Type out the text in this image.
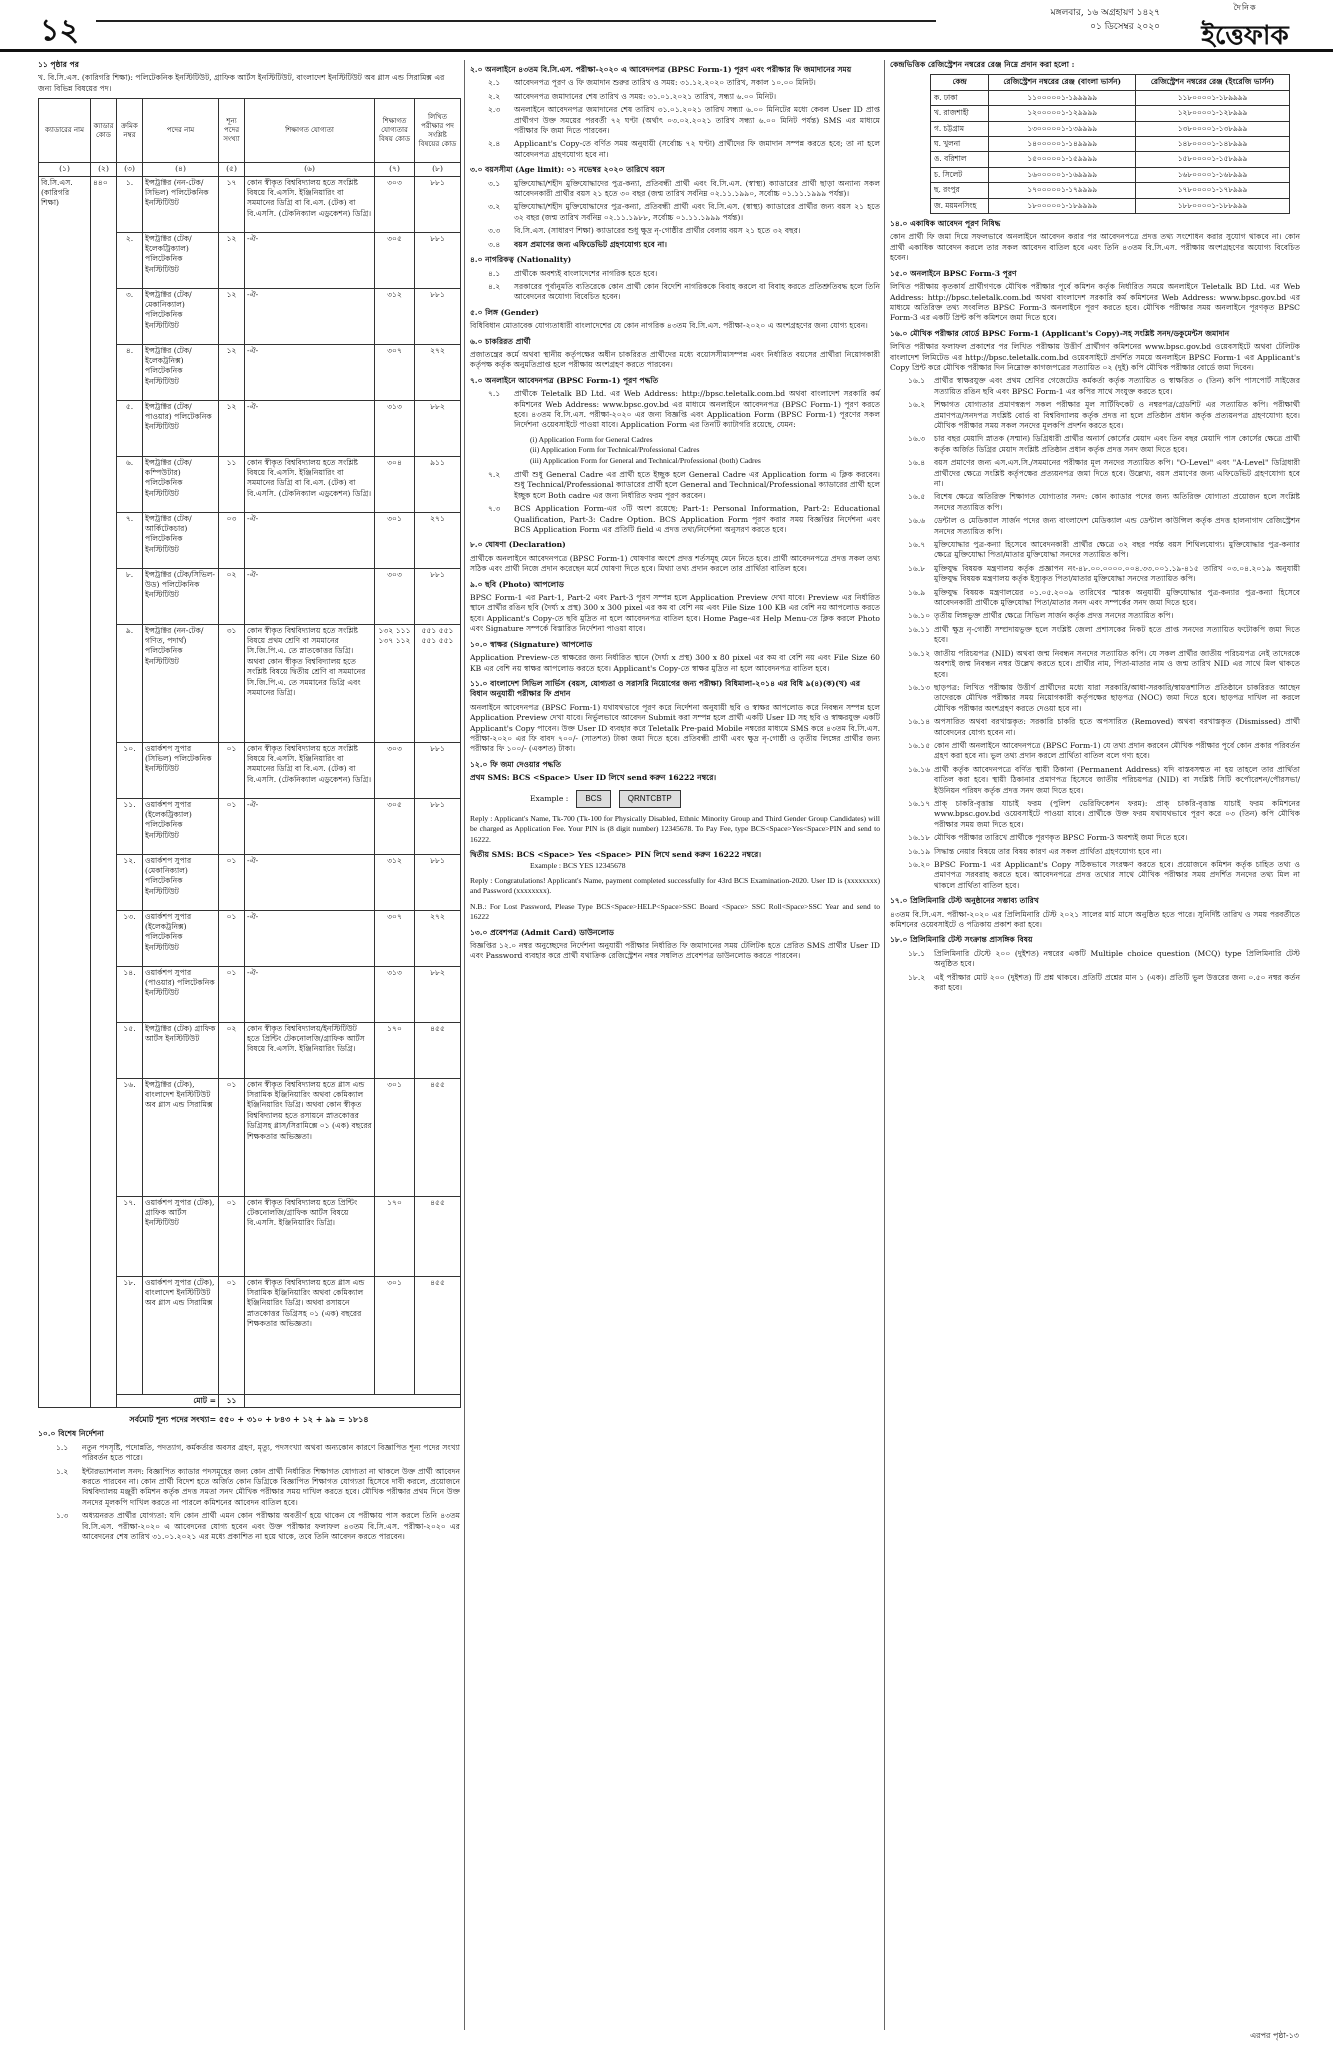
১২	মঙ্গলবার, ১৬ অগ্রহায়ণ ১৪২৭
০১ ডিসেম্বর ২০২০
দৈনিক
ইত্তেফাক
১১ পৃষ্ঠার পর
খ. বি.সি.এস. (কারিগরি শিক্ষা): পলিটেকনিক ইনস্টিটিউট, গ্রাফিক আর্টস ইনস্টিটিউট, বাংলাদেশ ইনস্টিটিউট অব গ্লাস এন্ড সিরামিক্স এর জন্য বিভিন্ন বিষয়ের পদ।
ক্যাডারের নাম	ক্যাডার কোড	ক্রমিক নম্বর	পদের নাম	শূন্য পদের সংখ্যা	শিক্ষাগত যোগ্যতা	শিক্ষাগত যোগ্যতার বিষয় কোড	লিখিত পরীক্ষার পদ সংশ্লিষ্ট বিষয়ের কোড
(১)	(২)	(৩)	(৪)	(৫)	(৬)	(৭)	(৮)
বি.সি.এস. (কারিগরি শিক্ষা)	৪৪০	১.	ইন্সট্রাক্টর (নন-টেক/সিভিল) পলিটেকনিক ইনস্টিটিউট	১৭	কোন স্বীকৃত বিশ্ববিদ্যালয় হতে সংশ্লিষ্ট বিষয়ে বি.এসসি. ইঞ্জিনিয়ারিং বা সমমানের ডিগ্রি বা বি.এস. (টেক) বা বি.এসসি. (টেকনিক্যাল এডুকেশন) ডিগ্রি।	৩০৩	৮৮১
		২.	ইন্সট্রাক্টর (টেক/ইলেকট্রিক্যাল) পলিটেকনিক ইনস্টিটিউট	১২	-ঐ-	৩০৫	৮৮১
		৩.	ইন্সট্রাক্টর (টেক/মেকানিক্যাল) পলিটেকনিক ইনস্টিটিউট	১২	-ঐ-	৩১২	৮৮১
		৪.	ইন্সট্রাক্টর (টেক/ইলেকট্রনিক্স) পলিটেকনিক ইনস্টিটিউট	১২	-ঐ-	৩০৭	২৭২
		৫.	ইন্সট্রাক্টর (টেক/পাওয়ার) পলিটেকনিক ইনস্টিটিউট	১২	-ঐ-	৩১৩	৮৮২
		৬.	ইন্সট্রাক্টর (টেক/কম্পিউটার) পলিটেকনিক ইনস্টিটিউট	১১	কোন স্বীকৃত বিশ্ববিদ্যালয় হতে সংশ্লিষ্ট বিষয়ে বি.এসসি. ইঞ্জিনিয়ারিং বা সমমানের ডিগ্রি বা বি.এস. (টেক) বা বি.এসসি. (টেকনিক্যাল এডুকেশন) ডিগ্রি।	৩০৪	৯১১
		৭.	ইন্সট্রাক্টর (টেক/আর্কিটেকচার) পলিটেকনিক ইনস্টিটিউট	০৩	-ঐ-	৩০১	২৭১
		৮.	ইন্সট্রাক্টর (টেক/সিভিল-উড) পলিটেকনিক ইনস্টিটিউট	০২	-ঐ-	৩০৩	৮৮১
		৯.	ইন্সট্রাক্টর (নন-টেক/গণিত, পদার্থ) পলিটেকনিক ইনস্টিটিউট	৩১	কোন স্বীকৃত বিশ্ববিদ্যালয় হতে সংশ্লিষ্ট বিষয়ে প্রথম শ্রেণি বা সমমানের সি.জি.পি.এ. তে স্নাতকোত্তর ডিগ্রি। অথবা কোন স্বীকৃত বিশ্ববিদ্যালয় হতে সংশ্লিষ্ট বিষয়ে দ্বিতীয় শ্রেণি বা সমমানের সি.জি.পি.এ. তে সমমানের ডিগ্রি এবং সমমানের ডিগ্রি।	১৩২ ১১১ ১৩৭ ১১২	৫৫১ ৫৫১ ৫৫১ ৫৫১
		১০.	ওয়ার্কশপ সুপার (সিভিল) পলিটেকনিক ইনস্টিটিউট	০১	কোন স্বীকৃত বিশ্ববিদ্যালয় হতে সংশ্লিষ্ট বিষয়ে বি.এসসি. ইঞ্জিনিয়ারিং বা সমমানের ডিগ্রি বা বি.এস. (টেক) বা বি.এসসি. (টেকনিক্যাল এডুকেশন) ডিগ্রি।	৩০৩	৮৮১
		১১.	ওয়ার্কশপ সুপার (ইলেকট্রিক্যাল) পলিটেকনিক ইনস্টিটিউট	০১	-ঐ-	৩০৫	৮৮১
		১২.	ওয়ার্কশপ সুপার (মেকানিক্যাল) পলিটেকনিক ইনস্টিটিউট	০১	-ঐ-	৩১২	৮৮১
		১৩.	ওয়ার্কশপ সুপার (ইলেকট্রনিক্স) পলিটেকনিক ইনস্টিটিউট	০১	-ঐ-	৩০৭	২৭২
		১৪.	ওয়ার্কশপ সুপার (পাওয়ার) পলিটেকনিক ইনস্টিটিউট	০১	-ঐ-	৩১৩	৮৮২
		১৫.	ইন্সট্রাক্টর (টেক) গ্রাফিক আর্টস ইনস্টিটিউট	০২	কোন স্বীকৃত বিশ্ববিদ্যালয়/ইনস্টিটিউট হতে প্রিন্টিং টেকনোলজি/গ্রাফিক আর্টস বিষয়ে বি.এসসি. ইঞ্জিনিয়ারিং ডিগ্রি।	১৭০	৪৫৫
		১৬.	ইন্সট্রাক্টর (টেক), বাংলাদেশ ইনস্টিটিউট অব গ্লাস এন্ড সিরামিক্স	০১	কোন স্বীকৃত বিশ্ববিদ্যালয় হতে গ্লাস এন্ড সিরামিক ইঞ্জিনিয়ারিং অথবা কেমিক্যাল ইঞ্জিনিয়ারিং ডিগ্রি। অথবা কোন স্বীকৃত বিশ্ববিদ্যালয় হতে রসায়নে স্নাতকোত্তর ডিগ্রিসহ গ্লাস/সিরামিক্সে ০১ (এক) বছরের শিক্ষকতার অভিজ্ঞতা।	৩০১	৪৫৫
		১৭.	ওয়ার্কশপ সুপার (টেক), গ্রাফিক আর্টস ইনস্টিটিউট	০১	কোন স্বীকৃত বিশ্ববিদ্যালয় হতে প্রিন্টিং টেকনোলজি/গ্রাফিক আর্টস বিষয়ে বি.এসসি. ইঞ্জিনিয়ারিং ডিগ্রি।	১৭০	৪৫৫
		১৮.	ওয়ার্কশপ সুপার (টেক), বাংলাদেশ ইনস্টিটিউট অব গ্লাস এন্ড সিরামিক্স	০১	কোন স্বীকৃত বিশ্ববিদ্যালয় হতে গ্লাস এন্ড সিরামিক ইঞ্জিনিয়ারিং অথবা কেমিক্যাল ইঞ্জিনিয়ারিং ডিগ্রি। অথবা রসায়নে স্নাতকোত্তর ডিগ্রিসহ ০১ (এক) বছরের শিক্ষকতার অভিজ্ঞতা।	৩০১	৪৫৫
		মোট =		১১			
সর্বমোট শূন্য পদের সংখ্যা= ৫৫০ + ৩১০ + ৮৪৩ + ১২ + ৯৯ = ১৮১৪
১০.০ বিশেষ নির্দেশনা
১.১	নতুন পদসৃষ্টি, পদোন্নতি, পদত্যাগ, কর্মকর্তার অবসর গ্রহণ, মৃত্যু, পদসংখ্যা অথবা অন্যকোন কারণে বিজ্ঞাপিত শূন্য পদের সংখ্যা পরিবর্তন হতে পারে।
১.২	ইন্টারভ্যাশনাল সনদ: বিজ্ঞাপিত ক্যাডার পদসমূহের জন্য কোন প্রার্থী নির্ধারিত শিক্ষাগত যোগ্যতা না থাকলে উক্ত প্রার্থী আবেদন করতে পারবেন না। কোন প্রার্থী বিদেশ হতে অর্জিত কোন ডিগ্রিকে বিজ্ঞাপিত শিক্ষাগত যোগ্যতা হিসেবে দাবী করলে, প্রয়োজনে বিশ্ববিদ্যালয় মঞ্জুরী কমিশন কর্তৃক প্রদত্ত সমতা সনদ মৌখিক পরীক্ষার সময় দাখিল করতে হবে। মৌখিক পরীক্ষার প্রথম দিনে উক্ত সনদের মূলকপি দাখিল করতে না পারলে কমিশনের আবেদন বাতিল হবে।
১.৩	অধ্যয়নরত প্রার্থীর যোগ্যতা: যদি কোন প্রার্থী এমন কোন পরীক্ষায় অবতীর্ণ হয়ে থাকেন যে পরীক্ষায় পাস করলে তিনি ৪৩তম বি.সি.এস. পরীক্ষা-২০২০ এ আবেদনের যোগ্য হবেন এবং উক্ত পরীক্ষার ফলাফল ৪৩তম বি.সি.এস. পরীক্ষা-২০২০ এর আবেদনের শেষ তারিখ ৩১.০১.২০২১ এর মধ্যে প্রকাশিত না হয়ে থাকে, তবে তিনি আবেদন করতে পারবেন।
২.০ অনলাইনে ৪৩তম বি.সি.এস. পরীক্ষা-২০২০ এ আবেদনপত্র (BPSC Form-1) পূরণ এবং পরীক্ষার ফি জমাদানের সময়
২.১	আবেদনপত্র পূরণ ও ফি জমাদান শুরুর তারিখ ও সময়: ৩১.১২.২০২০ তারিখ, সকাল ১০.০০ মিনিট।
২.২	আবেদনপত্র জমাদানের শেষ তারিখ ও সময়: ৩১.০১.২০২১ তারিখ, সন্ধ্যা ৬.০০ মিনিট।
২.৩	অনলাইনে আবেদনপত্র জমাদানের শেষ তারিখ ৩১.০১.২০২১ তারিখ সন্ধ্যা ৬.০০ মিনিটের মধ্যে কেবল User ID প্রাপ্ত প্রার্থীগণ উক্ত সময়ের পরবর্তী ৭২ ঘণ্টা (অর্থাৎ ০৩.০২.২০২১ তারিখ সন্ধ্যা ৬.০০ মিনিট পর্যন্ত) SMS এর মাধ্যমে পরীক্ষার ফি জমা দিতে পারবেন।
২.৪	Applicant's Copy-তে বর্ণিত সময় অনুযায়ী (সর্বোচ্চ ৭২ ঘণ্টা) প্রার্থীদের ফি জমাদান সম্পন্ন করতে হবে; তা না হলে আবেদনপত্র গ্রহণযোগ্য হবে না।
৩.০ বয়সসীমা (Age limit): ০১ নভেম্বর ২০২০ তারিখে বয়স
৩.১	মুক্তিযোদ্ধা/শহীদ মুক্তিযোদ্ধাদের পুত্র-কন্যা, প্রতিবন্ধী প্রার্থী এবং বি.সি.এস. (স্বাস্থ্য) ক্যাডারের প্রার্থী ছাড়া অন্যান্য সকল আবেদনকারী প্রার্থীর বয়স ২১ হতে ৩০ বছর (জন্ম তারিখ সর্বনিম্ন ০২.১১.১৯৯০, সর্বোচ্চ ০১.১১.১৯৯৯ পর্যন্ত)।
৩.২	মুক্তিযোদ্ধা/শহীদ মুক্তিযোদ্ধাদের পুত্র-কন্যা, প্রতিবন্ধী প্রার্থী এবং বি.সি.এস. (স্বাস্থ্য) ক্যাডারের প্রার্থীর জন্য বয়স ২১ হতে ৩২ বছর (জন্ম তারিখ সর্বনিম্ন ০২.১১.১৯৮৮, সর্বোচ্চ ০১.১১.১৯৯৯ পর্যন্ত)।
৩.৩	বি.সি.এস. (সাধারণ শিক্ষা) ক্যাডারের শুধু ক্ষুদ্র নৃ-গোষ্ঠীর প্রার্থীর বেলায় বয়স ২১ হতে ৩২ বছর।
৩.৪	বয়স প্রমাণের জন্য এফিডেভিট গ্রহণযোগ্য হবে না।
৪.০ নাগরিকত্ব (Nationality)
৪.১	প্রার্থীকে অবশ্যই বাংলাদেশের নাগরিক হতে হবে।
৪.২	সরকারের পূর্বানুমতি ব্যতিরেকে কোন প্রার্থী কোন বিদেশি নাগরিককে বিবাহ করলে বা বিবাহ করতে প্রতিশ্রুতিবদ্ধ হলে তিনি আবেদনের অযোগ্য বিবেচিত হবেন।
৫.০ লিঙ্গ (Gender)
বিধিবিধান মোতাবেক যোগ্যতাধারী বাংলাদেশের যে কোন নাগরিক ৪৩তম বি.সি.এস. পরীক্ষা-২০২০ এ অংশগ্রহণের জন্য যোগ্য হবেন।
৬.০ চাকরিরত প্রার্থী
প্রজাতন্ত্রের কর্মে অথবা স্থানীয় কর্তৃপক্ষের অধীন চাকরিরত প্রার্থীদের মধ্যে বয়োসসীমাসম্পন্ন এবং নির্ধারিত বয়সের প্রার্থীরা নিয়োগকারী কর্তৃপক্ষ কর্তৃক অনুমতিপ্রাপ্ত হলে পরীক্ষায় অংশগ্রহণ করতে পারবেন।
৭.০ অনলাইনে আবেদনপত্র (BPSC Form-1) পূরণ পদ্ধতি
৭.১	প্রার্থীকে Teletalk BD Ltd. এর Web Address: http://bpsc.teletalk.com.bd অথবা বাংলাদেশ সরকারি কর্ম কমিশনের Web Address: www.bpsc.gov.bd এর মাধ্যমে অনলাইনে আবেদনপত্র (BPSC Form-1) পূরণ করতে হবে। ৪৩তম বি.সি.এস. পরীক্ষা-২০২০ এর জন্য বিজ্ঞপ্তি এবং Application Form (BPSC Form-1) পূরণের সকল নির্দেশনা ওয়েবসাইটে পাওয়া যাবে। Application Form এর তিনটি ক্যাটাগরি রয়েছে, যেমন:
(i) Application Form for General Cadres
(ii) Application Form for Technical/Professional Cadres
(iii) Application Form for General and Technical/Professional (both) Cadres
৭.২	প্রার্থী শুধু General Cadre এর প্রার্থী হতে ইচ্ছুক হলে General Cadre এর Application form এ ক্লিক করবেন। শুধু Technical/Professional ক্যাডারের প্রার্থী হলে General and Technical/Professional ক্যাডারের প্রার্থী হলে ইচ্ছুক হলে Both cadre এর জন্য নির্ধারিত ফরম পূরণ করবেন।
৭.৩	BCS Application Form-এর ৩টি অংশ রয়েছে: Part-1: Personal Information, Part-2: Educational Qualification, Part-3: Cadre Option. BCS Application Form পূরণ করার সময় বিজ্ঞপ্তির নির্দেশনা এবং BCS Application Form এর প্রতিটি field এ প্রদত্ত তথ্য/নির্দেশনা অনুসরণ করতে হবে।
৮.০ ঘোষণা (Declaration)
প্রার্থীকে অনলাইনে আবেদনপত্রে (BPSC Form-1) ঘোষণার অংশে প্রদত্ত শর্তসমূহ মেনে নিতে হবে। প্রার্থী আবেদনপত্রে প্রদত্ত সকল তথ্য সঠিক এবং প্রার্থী নিজে প্রদান করেছেন মর্মে ঘোষণা দিতে হবে। মিথ্যা তথ্য প্রদান করলে তার প্রার্থিতা বাতিল হবে।
৯.০ ছবি (Photo) আপলোড
BPSC Form-1 এর Part-1, Part-2 এবং Part-3 পূরণ সম্পন্ন হলে Application Preview দেখা যাবে। Preview এর নির্ধারিত স্থানে প্রার্থীর রঙিন ছবি (দৈর্ঘ্য x প্রস্থ) 300 x 300 pixel এর কম বা বেশি নয় এবং File Size 100 KB এর বেশি নয় আপলোড করতে হবে। Applicant's Copy-তে ছবি মুদ্রিত না হলে আবেদনপত্র বাতিল হবে। Home Page-এর Help Menu-তে ক্লিক করলে Photo এবং Signature সম্পর্কে বিস্তারিত নির্দেশনা পাওয়া যাবে।
১০.০ স্বাক্ষর (Signature) আপলোড
Application Preview-তে স্বাক্ষরের জন্য নির্ধারিত স্থানে (দৈর্ঘ্য x প্রস্থ) 300 x 80 pixel এর কম বা বেশি নয় এবং File Size 60 KB এর বেশি নয় স্বাক্ষর আপলোড করতে হবে। Applicant's Copy-তে স্বাক্ষর মুদ্রিত না হলে আবেদনপত্র বাতিল হবে।
১১.০ বাংলাদেশ সিভিল সার্ভিস (বয়স, যোগ্যতা ও সরাসরি নিয়োগের জন্য পরীক্ষা) বিধিমালা-২০১৪ এর বিধি ৯(৪)(ক)(খ) এর বিধান অনুযায়ী পরীক্ষার ফি প্রদান
অনলাইনে আবেদনপত্র (BPSC Form-1) যথাযথভাবে পূরণ করে নির্দেশনা অনুযায়ী ছবি ও স্বাক্ষর আপলোড করে নিবন্ধন সম্পন্ন হলে Application Preview দেখা যাবে। নির্ভুলভাবে আবেদন Submit করা সম্পন্ন হলে প্রার্থী একটি User ID সহ ছবি ও স্বাক্ষরযুক্ত একটি Applicant's Copy পাবেন। উক্ত User ID ব্যবহার করে Teletalk Pre-paid Mobile নম্বরের মাধ্যমে SMS করে ৪৩তম বি.সি.এস. পরীক্ষা-২০২০ এর ফি বাবদ ৭০০/- (সাতশত) টাকা জমা দিতে হবে। প্রতিবন্ধী প্রার্থী এবং ক্ষুদ্র নৃ-গোষ্ঠী ও তৃতীয় লিঙ্গের প্রার্থীর জন্য পরীক্ষার ফি ১০০/- (একশত) টাকা।
১২.০ ফি জমা দেওয়ার পদ্ধতি
প্রথম SMS: BCS <Space> User ID লিখে send করুন 16222 নম্বরে।
Example :	BCS	QRNTCBTP
Reply : Applicant's Name, Tk-700 (Tk-100 for Physically Disabled, Ethnic Minority Group and Third Gender Group Candidates) will be charged as Application Fee. Your PIN is (8 digit number) 12345678. To Pay Fee, type BCS<Space>Yes<Space>PIN and send to 16222.
দ্বিতীয় SMS: BCS <Space> Yes <Space> PIN লিখে send করুন 16222 নম্বরে।
Example : BCS YES 12345678
Reply : Congratulations! Applicant's Name, payment completed successfully for 43rd BCS Examination-2020. User ID is (xxxxxxxx) and Password (xxxxxxxx).
N.B.: For Lost Password, Please Type BCS<Space>HELP<Space>SSC Board <Space> SSC Roll<Space>SSC Year and send to 16222
১৩.০ প্রবেশপত্র (Admit Card) ডাউনলোড
বিজ্ঞপ্তির ১২.০ নম্বর অনুচ্ছেদের নির্দেশনা অনুযায়ী পরীক্ষার নির্ধারিত ফি জমাদানের সময় টেলিটক হতে প্রেরিত SMS প্রার্থীর User ID এবং Password ব্যবহার করে প্রার্থী যথাক্রিক রেজিস্ট্রেশন নম্বর সম্বলিত প্রবেশপত্র ডাউনলোড করতে পারবেন।
কেন্দ্রভিত্তিক রেজিস্ট্রেশন নম্বরের রেঞ্জ নিম্নে প্রদান করা হলো :
কেন্দ্র	রেজিস্ট্রেশন নম্বরের রেঞ্জ (বাংলা ভার্সন)	রেজিস্ট্রেশন নম্বরের রেঞ্জ (ইংরেজি ভার্সন)
ক. ঢাকা	১১০০০০০১-১৯৯৯৯৯	১১৮০০০০১-১৮৯৯৯৯
খ. রাজশাহী	১২০০০০০১-১২৯৯৯৯	১২৮০০০০১-১২৮৯৯৯
গ. চট্টগ্রাম	১৩০০০০০১-১৩৯৯৯৯	১৩৮০০০০১-১৩৮৯৯৯
ঘ. খুলনা	১৪০০০০০১-১৪৯৯৯৯	১৪৮০০০০১-১৪৮৯৯৯
ঙ. বরিশাল	১৫০০০০০১-১৫৯৯৯৯	১৫৮০০০০১-১৫৮৯৯৯
চ. সিলেট	১৬০০০০০১-১৬৯৯৯৯	১৬৮০০০০১-১৬৮৯৯৯
ছ. রংপুর	১৭০০০০০১-১৭৯৯৯৯	১৭৮০০০০১-১৭৮৯৯৯
জ. ময়মনসিংহ	১৮০০০০০১-১৮৯৯৯৯	১৮৮০০০০১-১৮৮৯৯৯
১৪.০ একাধিক আবেদন পূরণ নিষিদ্ধ
কোন প্রার্থী ফি জমা দিয়ে সফলভাবে অনলাইনে আবেদন করার পর আবেদনপত্রে প্রদত্ত তথ্য সংশোধন করার সুযোগ থাকবে না। কোন প্রার্থী একাধিক আবেদন করলে তার সকল আবেদন বাতিল হবে এবং তিনি ৪৩তম বি.সি.এস. পরীক্ষায় অংশগ্রহণের অযোগ্য বিবেচিত হবেন।
১৫.০ অনলাইনে BPSC Form-3 পূরণ
লিখিত পরীক্ষায় কৃতকার্য প্রার্থীগণকে মৌখিক পরীক্ষার পূর্বে কমিশন কর্তৃক নির্ধারিত সময়ে অনলাইনে Teletalk BD Ltd. এর Web Address: http://bpsc.teletalk.com.bd অথবা বাংলাদেশ সরকারি কর্ম কমিশনের Web Address: www.bpsc.gov.bd এর মাধ্যমে অতিরিক্ত তথ্য সংবলিত BPSC Form-3 অনলাইনে পূরণ করতে হবে। মৌখিক পরীক্ষার সময় অনলাইনে পূরণকৃত BPSC Form-3 এর একটি প্রিন্ট কপি কমিশনে জমা দিতে হবে।
১৬.০ মৌখিক পরীক্ষার বোর্ডে BPSC Form-1 (Applicant's Copy)-সহ সংশ্লিষ্ট সনদ/ডকুমেন্টস জমাদান
লিখিত পরীক্ষার ফলাফল প্রকাশের পর লিখিত পরীক্ষায় উত্তীর্ণ প্রার্থীগণ কমিশনের www.bpsc.gov.bd ওয়েবসাইটে অথবা টেলিটক বাংলাদেশ লিমিটেড এর http://bpsc.teletalk.com.bd ওয়েবসাইটে প্রদর্শিত সময়ে অনলাইনে BPSC Form-1 এর Applicant's Copy প্রিন্ট করে মৌখিক পরীক্ষার দিন নিম্নোক্ত কাগজপত্রের সত্যায়িত ০২ (দুই) কপি মৌখিক পরীক্ষার বোর্ডে জমা দিবেন।
১৬.১	প্রার্থীর স্বাক্ষরযুক্ত এবং প্রথম শ্রেণির গেজেটেড কর্মকর্তা কর্তৃক সত্যায়িত ও স্বাক্ষরিত ৩ (তিন) কপি পাসপোর্ট সাইজের সত্যায়িত রঙিন ছবি এবং BPSC Form-1 এর কপির সাথে সংযুক্ত করতে হবে।
১৬.২	শিক্ষাগত যোগ্যতার প্রমাণস্বরূপ সকল পরীক্ষার মূল সার্টিফিকেট ও নম্বরপত্র/গ্রেডশিট এর সত্যায়িত কপি। পরীক্ষার্থী প্রমাণপত্র/সনদপত্র সংশ্লিষ্ট বোর্ড বা বিশ্ববিদ্যালয় কর্তৃক প্রদত্ত না হলে প্রতিষ্ঠান প্রধান কর্তৃক প্রত্যয়নপত্র গ্রহণযোগ্য হবে। মৌখিক পরীক্ষার সময় সকল সনদের মূলকপি প্রদর্শন করতে হবে।
১৬.৩	চার বছর মেয়াদি স্নাতক (সম্মান) ডিগ্রিধারী প্রার্থীর অনার্স কোর্সের মেয়াদ এবং তিন বছর মেয়াদি পাস কোর্সের ক্ষেত্রে প্রার্থী কর্তৃক অর্জিত ডিগ্রির মেয়াদ সংশ্লিষ্ট প্রতিষ্ঠান প্রধান কর্তৃক প্রদত্ত সনদ জমা দিতে হবে।
১৬.৪	বয়স প্রমাণের জন্য এস.এস.সি./সমমানের পরীক্ষার মূল সনদের সত্যায়িত কপি। "O-Level" এবং "A-Level" ডিগ্রিধারী প্রার্থীদের ক্ষেত্রে সংশ্লিষ্ট কর্তৃপক্ষের প্রত্যয়নপত্র জমা দিতে হবে। উল্লেখ্য, বয়স প্রমাণের জন্য এফিডেভিট গ্রহণযোগ্য হবে না।
১৬.৫	বিশেষ ক্ষেত্রে অতিরিক্ত শিক্ষাগত যোগ্যতার সনদ: কোন ক্যাডার পদের জন্য অতিরিক্ত যোগ্যতা প্রয়োজন হলে সংশ্লিষ্ট সনদের সত্যায়িত কপি।
১৬.৬	ডেন্টাল ও মেডিক্যাল সার্জন পদের জন্য বাংলাদেশ মেডিক্যাল এন্ড ডেন্টাল কাউন্সিল কর্তৃক প্রদত্ত হালনাগাদ রেজিস্ট্রেশন সনদের সত্যায়িত কপি।
১৬.৭	মুক্তিযোদ্ধার পুত্র-কন্যা হিসেবে আবেদনকারী প্রার্থীর ক্ষেত্রে ৩২ বছর পর্যন্ত বয়স শিথিলযোগ্য। মুক্তিযোদ্ধার পুত্র-কন্যার ক্ষেত্রে মুক্তিযোদ্ধা পিতা/মাতার মুক্তিযোদ্ধা সনদের সত্যায়িত কপি।
১৬.৮	মুক্তিযুদ্ধ বিষয়ক মন্ত্রণালয় কর্তৃক প্রজ্ঞাপন নং-৪৮.০০.০০০০.০০৪.৩৩.০০১.১৯-৪১৫ তারিখ ০৩.০৪.২০১৯ অনুযায়ী মুক্তিযুদ্ধ বিষয়ক মন্ত্রণালয় কর্তৃক ইস্যুকৃত পিতা/মাতার মুক্তিযোদ্ধা সনদের সত্যায়িত কপি।
১৬.৯	মুক্তিযুদ্ধ বিষয়ক মন্ত্রণালয়ের ০১.০৫.২০০৯ তারিখের স্মারক অনুযায়ী মুক্তিযোদ্ধার পুত্র-কন্যার পুত্র-কন্যা হিসেবে আবেদনকারী প্রার্থীকে মুক্তিযোদ্ধা পিতা/মাতার সনদ এবং সম্পর্কের সনদ জমা দিতে হবে।
১৬.১০ তৃতীয় লিঙ্গভুক্ত প্রার্থীর ক্ষেত্রে সিভিল সার্জন কর্তৃক প্রদত্ত সনদের সত্যায়িত কপি।
১৬.১১ প্রার্থী ক্ষুদ্র নৃ-গোষ্ঠী সম্প্রদায়ভুক্ত হলে সংশ্লিষ্ট জেলা প্রশাসকের নিকট হতে প্রাপ্ত সনদের সত্যায়িত ফটোকপি জমা দিতে হবে।
১৬.১২ জাতীয় পরিচয়পত্র (NID) অথবা জন্ম নিবন্ধন সনদের সত্যায়িত কপি। যে সকল প্রার্থীর জাতীয় পরিচয়পত্র নেই তাদেরকে অবশ্যই জন্ম নিবন্ধন নম্বর উল্লেখ করতে হবে। প্রার্থীর নাম, পিতা-মাতার নাম ও জন্ম তারিখ NID এর সাথে মিল থাকতে হবে।
১৬.১৩ ছাড়পত্র: লিখিত পরীক্ষায় উত্তীর্ণ প্রার্থীদের মধ্যে যারা সরকারি/আধা-সরকারি/স্বায়ত্তশাসিত প্রতিষ্ঠানে চাকরিরত আছেন তাদেরকে মৌখিক পরীক্ষার সময় নিয়োগকারী কর্তৃপক্ষের ছাড়পত্র (NOC) জমা দিতে হবে। ছাড়পত্র দাখিল না করলে মৌখিক পরীক্ষার অংশগ্রহণ করতে দেওয়া হবে না।
১৬.১৪ অপসারিত অথবা বরখাস্তকৃত: সরকারি চাকরি হতে অপসারিত (Removed) অথবা বরখাস্তকৃত (Dismissed) প্রার্থী আবেদনের যোগ্য হবেন না।
১৬.১৫ কোন প্রার্থী অনলাইনে আবেদনপত্রে (BPSC Form-1) যে তথ্য প্রদান করবেন মৌখিক পরীক্ষার পূর্বে কোন প্রকার পরিবর্তন গ্রহণ করা হবে না। ভুল তথ্য প্রদান করলে প্রার্থিতা বাতিল বলে গণ্য হবে।
১৬.১৬ প্রার্থী কর্তৃক আবেদনপত্রে বর্ণিত স্থায়ী ঠিকানা (Permanent Address) যদি বাস্তবসম্মত না হয় তাহলে তার প্রার্থিতা বাতিল করা হবে। স্থায়ী ঠিকানার প্রমাণপত্র হিসেবে জাতীয় পরিচয়পত্র (NID) বা সংশ্লিষ্ট সিটি কর্পোরেশন/পৌরসভা/ইউনিয়ন পরিষদ কর্তৃক প্রদত্ত সনদ জমা দিতে হবে।
১৬.১৭ প্রাক্ চাকরি-বৃত্তান্ত যাচাই ফরম (পুলিশ ভেরিফিকেশন ফরম): প্রাক্ চাকরি-বৃত্তান্ত যাচাই ফরম কমিশনের www.bpsc.gov.bd ওয়েবসাইটে পাওয়া যাবে। প্রার্থীকে উক্ত ফরম যথাযথভাবে পূরণ করে ০৩ (তিন) কপি মৌখিক পরীক্ষার সময় জমা দিতে হবে।
১৬.১৮ মৌখিক পরীক্ষার তারিখে প্রার্থীকে পূরণকৃত BPSC Form-3 অবশ্যই জমা দিতে হবে।
১৬.১৯ সিদ্ধান্ত নেয়ার বিষয়ে তার বিষয় কারণ এর সকল প্রার্থিতা গ্রহণযোগ্য হবে না।
১৬.২০ BPSC Form-1 এর Applicant's Copy সঠিকভাবে সংরক্ষণ করতে হবে। প্রয়োজনে কমিশন কর্তৃক চাহিত তথ্য ও প্রমাণপত্র সরবরাহ করতে হবে। আবেদনপত্রে প্রদত্ত তথ্যের সাথে মৌখিক পরীক্ষার সময় প্রদর্শিত সনদের তথ্য মিল না থাকলে প্রার্থিতা বাতিল হবে।
১৭.০ প্রিলিমিনারি টেস্ট অনুষ্ঠানের সম্ভাব্য তারিখ
৪৩তম বি.সি.এস. পরীক্ষা-২০২০ এর প্রিলিমিনারি টেস্ট ২০২১ সালের মার্চ মাসে অনুষ্ঠিত হতে পারে। সুনির্দিষ্ট তারিখ ও সময় পরবর্তীতে কমিশনের ওয়েবসাইটে ও পত্রিকায় প্রকাশ করা হবে।
১৮.০ প্রিলিমিনারি টেস্ট সংক্রান্ত প্রাসঙ্গিক বিষয়
১৮.১	প্রিলিমিনারি টেস্টে ২০০ (দুইশত) নম্বরের একটি Multiple choice question (MCQ) type প্রিলিমিনারি টেস্ট অনুষ্ঠিত হবে।
১৮.২	এই পরীক্ষার মোট ২০০ (দুইশত) টি প্রশ্ন থাকবে। প্রতিটি প্রশ্নের মান ১ (এক)। প্রতিটি ভুল উত্তরের জন্য ০.৫০ নম্বর কর্তন করা হবে।
এরপর পৃষ্ঠা-১৩
